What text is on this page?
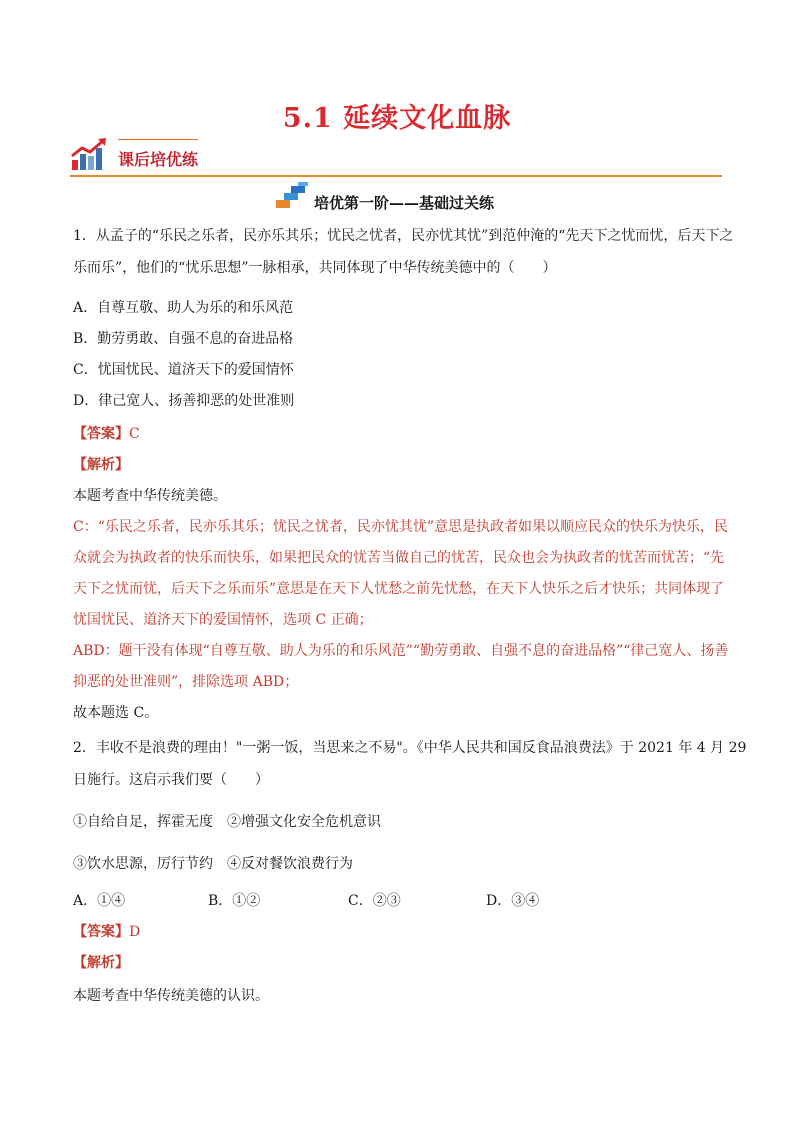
5.1 延续文化血脉
课后培优练
培优第一阶——基础过关练
1．从孟子的“乐民之乐者，民亦乐其乐；忧民之忧者，民亦忧其忧”到范仲淹的“先天下之忧而忧，后天下之
乐而乐”，他们的“忧乐思想”一脉相承，共同体现了中华传统美德中的（　　）
A．自尊互敬、助人为乐的和乐风范
B．勤劳勇敢、自强不息的奋进品格
C．忧国忧民、道济天下的爱国情怀
D．律己宽人、扬善抑恶的处世准则
【答案】C
【解析】
本题考查中华传统美德。
C：“乐民之乐者，民亦乐其乐；忧民之忧者，民亦忧其忧”意思是执政者如果以顺应民众的快乐为快乐，民
众就会为执政者的快乐而快乐，如果把民众的忧苦当做自己的忧苦，民众也会为执政者的忧苦而忧苦；“先
天下之忧而忧，后天下之乐而乐”意思是在天下人忧愁之前先忧愁，在天下人快乐之后才快乐；共同体现了
忧国忧民、道济天下的爱国情怀，选项 C 正确；
ABD：题干没有体现“自尊互敬、助人为乐的和乐风范”“勤劳勇敢、自强不息的奋进品格”“律己宽人、扬善
抑恶的处世准则”，排除选项 ABD；
故本题选 C。
2．丰收不是浪费的理由！"一粥一饭，当思来之不易"。《中华人民共和国反食品浪费法》于 2021 年 4 月 29
日施行。这启示我们要（　　）
①自给自足，挥霍无度　②增强文化安全危机意识
③饮水思源，厉行节约　④反对餐饮浪费行为
A．①④	B．①②	C．②③	D．③④
【答案】D
【解析】
本题考查中华传统美德的认识。
